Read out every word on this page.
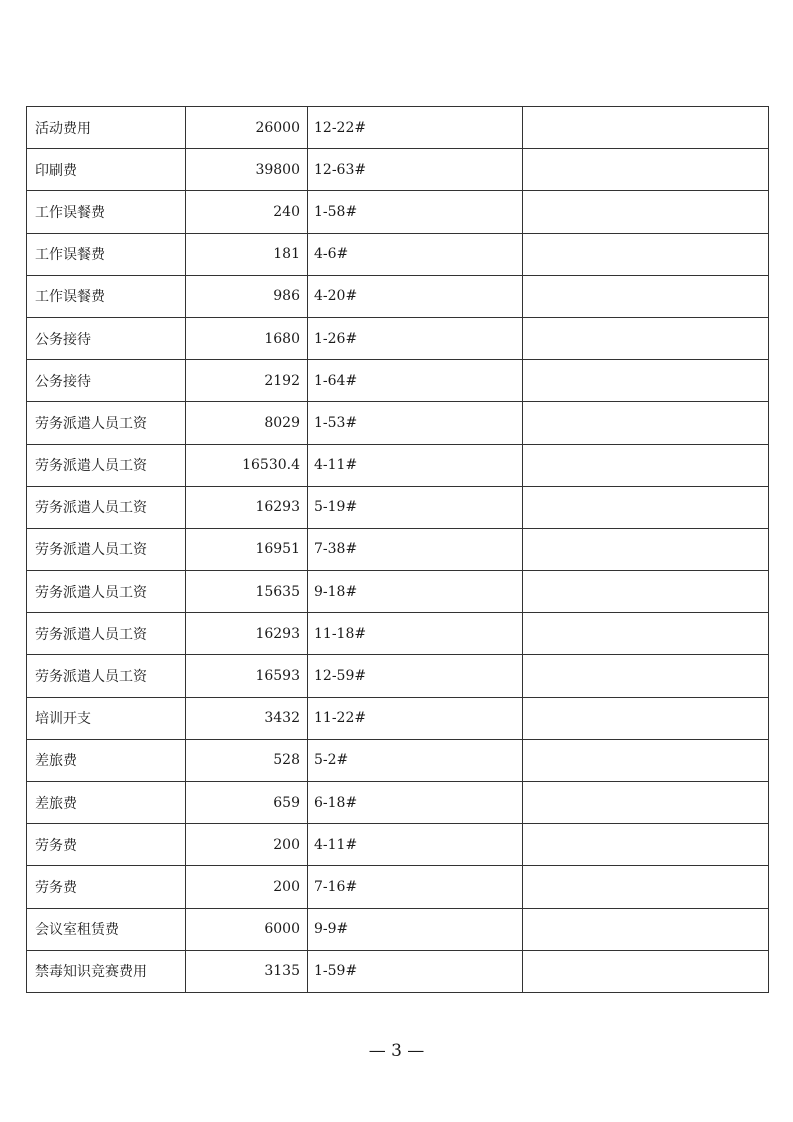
活动费用	26000	12-22#	
印刷费	39800	12-63#	
工作误餐费	240	1-58#	
工作误餐费	181	4-6#	
工作误餐费	986	4-20#	
公务接待	1680	1-26#	
公务接待	2192	1-64#	
劳务派遣人员工资	8029	1-53#	
劳务派遣人员工资	16530.4	4-11#	
劳务派遣人员工资	16293	5-19#	
劳务派遣人员工资	16951	7-38#	
劳务派遣人员工资	15635	9-18#	
劳务派遣人员工资	16293	11-18#	
劳务派遣人员工资	16593	12-59#	
培训开支	3432	11-22#	
差旅费	528	5-2#	
差旅费	659	6-18#	
劳务费	200	4-11#	
劳务费	200	7-16#	
会议室租赁费	6000	9-9#	
禁毒知识竞赛费用	3135	1-59#	
— 3 —
